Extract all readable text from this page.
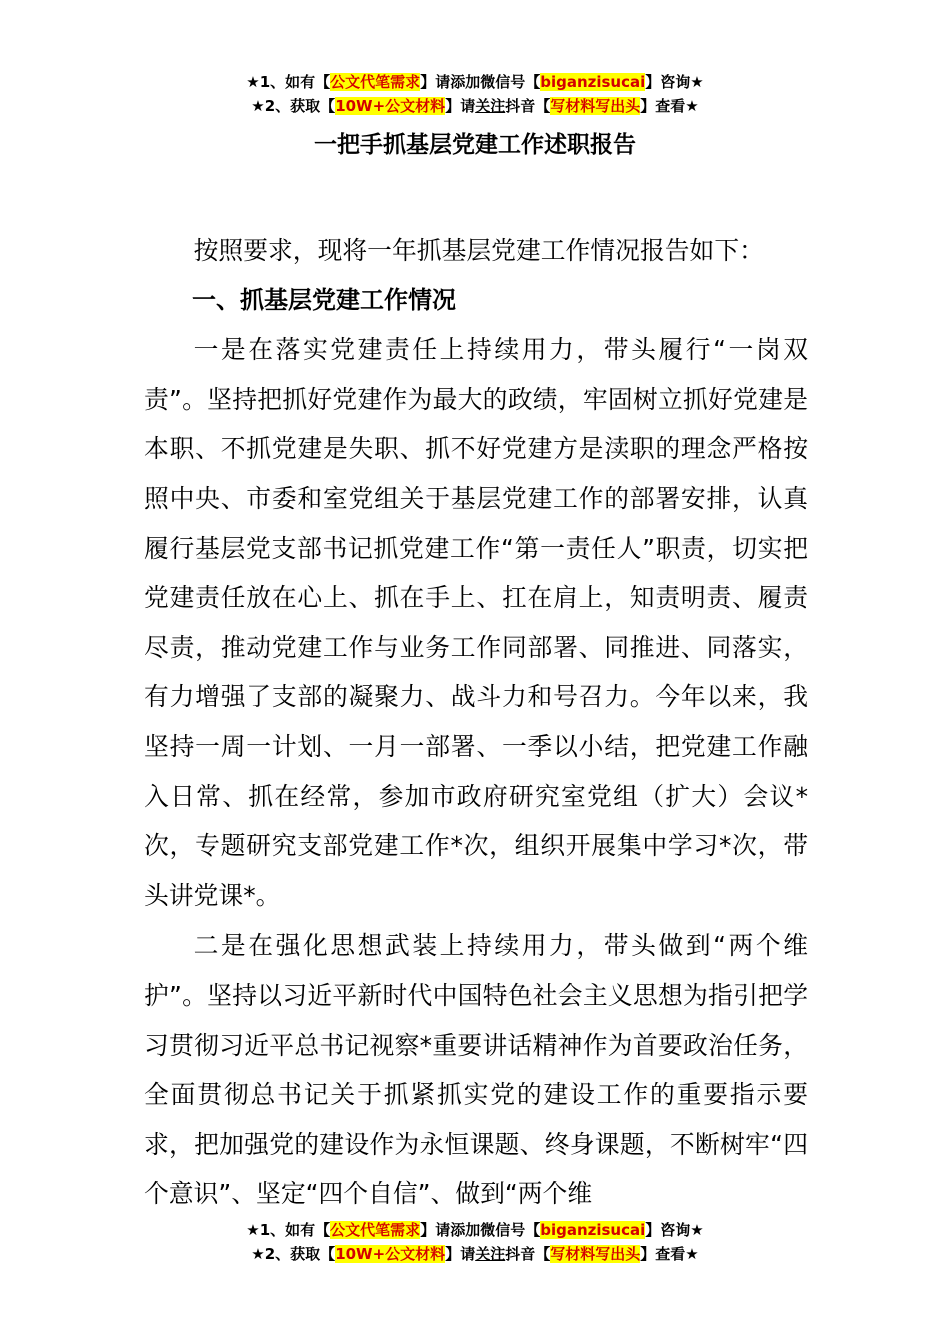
★1、如有【公文代笔需求】请添加微信号【biganzisucai】咨询★
★2、获取【10W+公文材料】请关注抖音【写材料写出头】查看★
一把手抓基层党建工作述职报告

按照要求，现将一年抓基层党建工作情况报告如下：

一、抓基层党建工作情况

一是在落实党建责任上持续用力，带头履行“一岗双责”。坚持把抓好党建作为最大的政绩，牢固树立抓好党建是本职、不抓党建是失职、抓不好党建方是渎职的理念严格按照中央、市委和室党组关于基层党建工作的部署安排，认真履行基层党支部书记抓党建工作“第一责任人”职责，切实把党建责任放在心上、抓在手上、扛在肩上，知责明责、履责尽责，推动党建工作与业务工作同部署、同推进、同落实，有力增强了支部的凝聚力、战斗力和号召力。今年以来，我坚持一周一计划、一月一部署、一季以小结，把党建工作融入日常、抓在经常，参加市政府研究室党组（扩大）会议*次，专题研究支部党建工作*次，组织开展集中学习*次，带头讲党课*。

二是在强化思想武装上持续用力，带头做到“两个维护”。坚持以习近平新时代中国特色社会主义思想为指引把学习贯彻习近平总书记视察*重要讲话精神作为首要政治任务，全面贯彻总书记关于抓紧抓实党的建设工作的重要指示要求，把加强党的建设作为永恒课题、终身课题，不断树牢“四个意识”、坚定“四个自信”、做到“两个维

★1、如有【公文代笔需求】请添加微信号【biganzisucai】咨询★
★2、获取【10W+公文材料】请关注抖音【写材料写出头】查看★
